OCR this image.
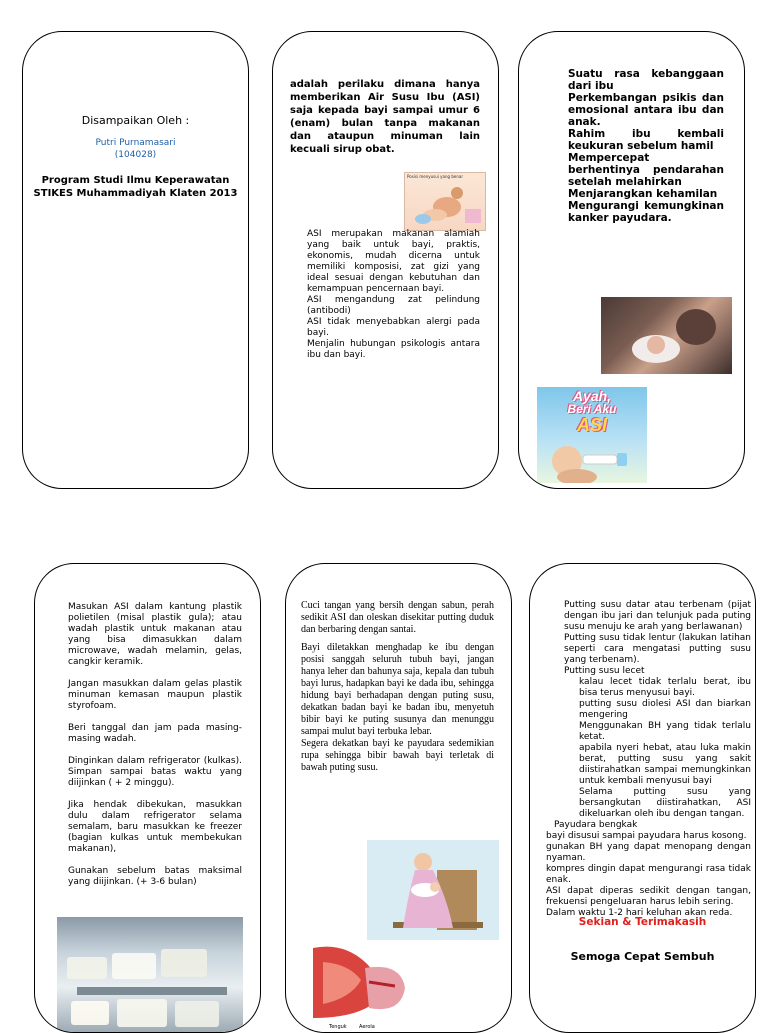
Disampaikan Oleh :

Putri Purnamasari

(104028)

Program Studi Ilmu Keperawatan

STIKES Muhammadiyah Klaten 2013

adalah perilaku dimana hanya memberikan Air Susu Ibu (ASI) saja kepada bayi sampai umur 6 (enam) bulan tanpa makanan dan ataupun minuman lain kecuali sirup obat.

Posisi menyusui yang benar

ASI merupakan makanan alamiah yang baik untuk bayi, praktis, ekonomis, mudah dicerna untuk memiliki komposisi, zat gizi yang ideal sesuai dengan kebutuhan dan kemampuan pencernaan bayi.

ASI mengandung zat pelindung (antibodi)

ASI tidak menyebabkan alergi pada bayi.

Menjalin hubungan psikologis antara ibu dan bayi.

Suatu rasa kebanggaan dari ibu

Perkembangan psikis dan emosional antara ibu dan anak.

Rahim ibu kembali keukuran sebelum hamil

Mempercepat berhentinya pendarahan setelah melahirkan

Menjarangkan kehamilan

Mengurangi kemungkinan kanker payudara.

Ayah,

Beri Aku

ASI

Masukan ASI dalam kantung plastik polietilen (misal plastik gula); atau wadah plastik untuk makanan atau yang bisa dimasukkan dalam microwave, wadah melamin, gelas, cangkir keramik.

Jangan masukkan dalam gelas plastik minuman kemasan maupun plastik styrofoam.

Beri tanggal dan jam pada masing-masing wadah.

Dinginkan dalam refrigerator (kulkas). Simpan sampai batas waktu yang diijinkan ( + 2 minggu).

Jika hendak dibekukan, masukkan dulu dalam refrigerator selama semalam, baru masukkan ke freezer (bagian kulkas untuk membekukan makanan),

Gunakan sebelum batas maksimal yang diijinkan. (+ 3-6 bulan)

Cuci tangan yang bersih dengan sabun, perah sedikit ASI dan oleskan disekitar putting duduk dan berbaring dengan santai.

Bayi diletakkan menghadap ke ibu dengan posisi sanggah seluruh tubuh bayi, jangan hanya leher dan bahunya saja, kepala dan tubuh bayi lurus, hadapkan bayi ke dada ibu, sehingga hidung bayi berhadapan dengan puting susu, dekatkan badan bayi ke badan ibu, menyetuh bibir bayi ke puting susunya dan menunggu sampai mulut bayi terbuka lebar.

Segera dekatkan bayi ke payudara sedemikian rupa sehingga bibir bawah bayi terletak di bawah puting susu.

Tenguk Aerola

Putting susu datar atau terbenam (pijat dengan ibu jari dan telunjuk pada puting susu menuju ke arah yang berlawanan)

Putting susu tidak lentur (lakukan latihan seperti cara mengatasi putting susu yang terbenam).

Putting susu lecet

kalau lecet tidak terlalu berat, ibu bisa terus menyusui bayi.

putting susu diolesi ASI dan biarkan mengering

Menggunakan BH yang tidak terlalu ketat.

apabila nyeri hebat, atau luka makin berat, putting susu yang sakit diistirahatkan sampai memungkinkan untuk kembali menyusui bayi

Selama putting susu yang bersangkutan diistirahatkan, ASI dikeluarkan oleh ibu dengan tangan.

Payudara bengkak

bayi disusui sampai payudara harus kosong.

gunakan BH yang dapat menopang dengan nyaman.

kompres dingin dapat mengurangi rasa tidak enak.

ASI dapat diperas sedikit dengan tangan, frekuensi pengeluaran harus lebih sering.

Dalam waktu 1-2 hari keluhan akan reda.

Sekian & Terimakasih

Semoga Cepat Sembuh
